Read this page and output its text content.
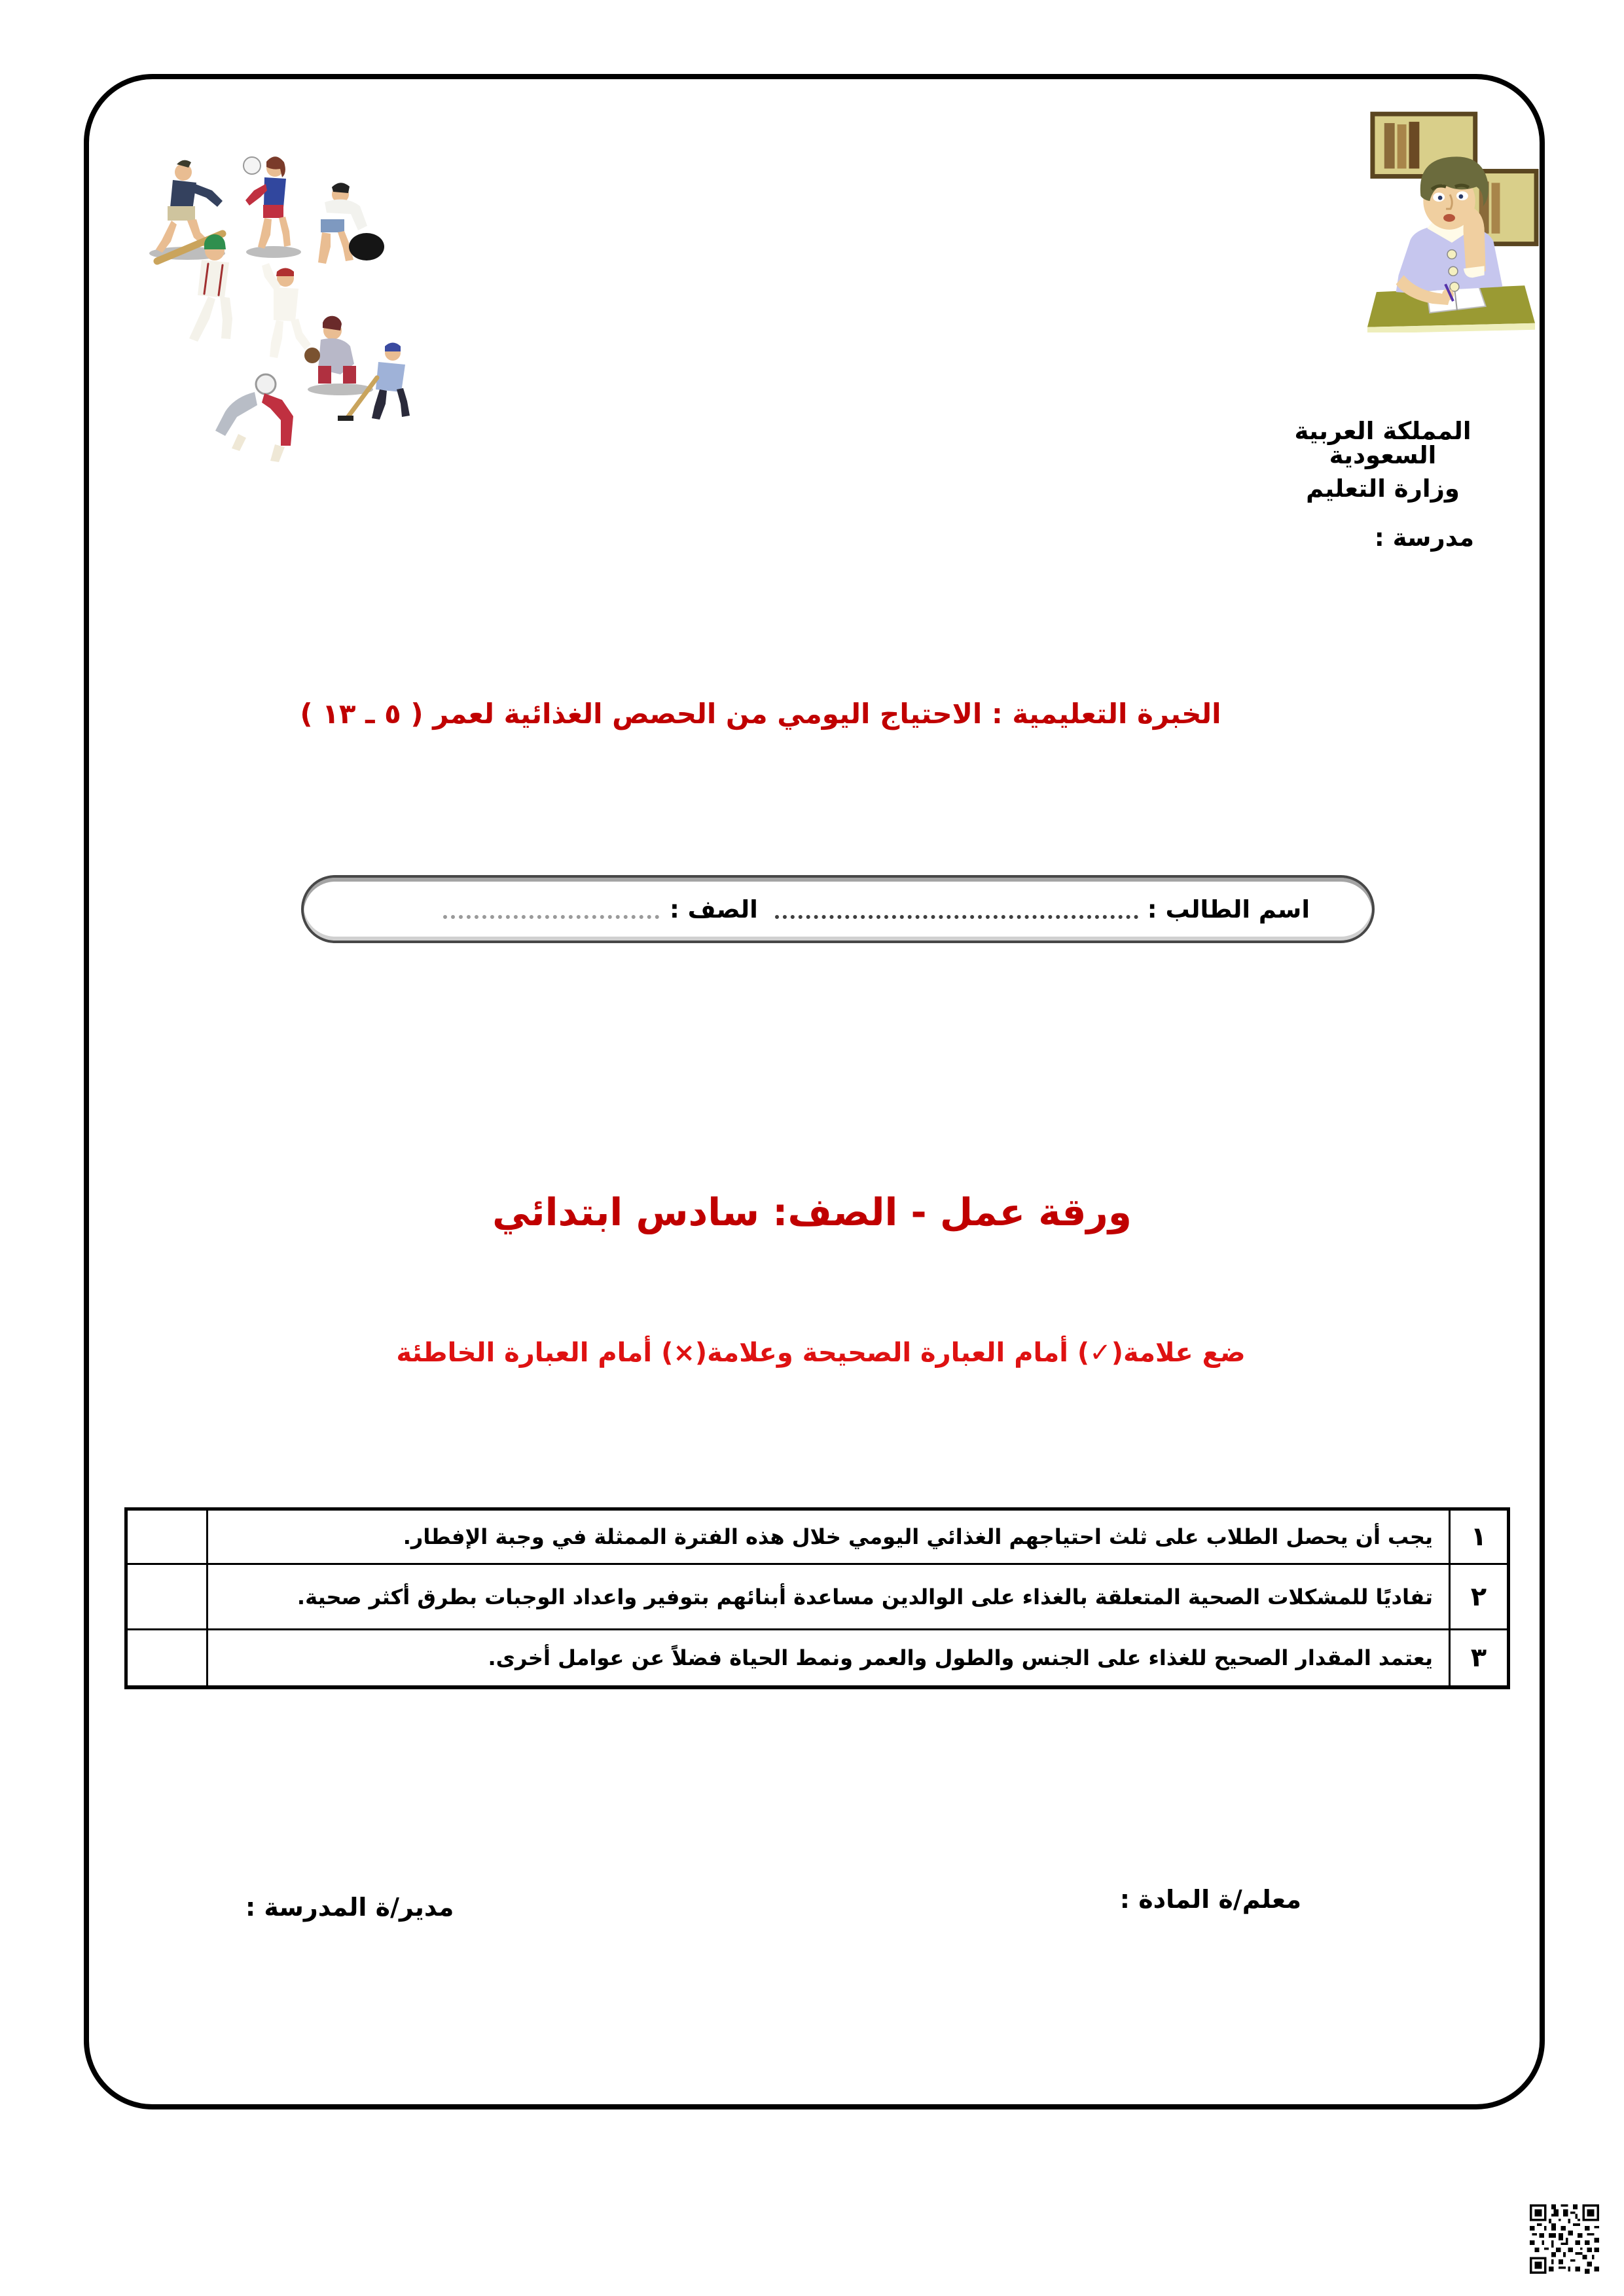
المملكة العربية السعودية
وزارة التعليم
مدرسة :
الخبرة التعليمية : الاحتياج اليومي من الحصص الغذائية لعمر ( ٥ ـ ١٣ )
اسم الطالب :
الصف :
ورقة عمل - الصف: سادس ابتدائي
ضع علامة(✓) أمام العبارة الصحيحة وعلامة(×) أمام العبارة الخاطئة
١	يجب أن يحصل الطلاب على ثلث احتياجهم الغذائي اليومي خلال هذه الفترة الممثلة في وجبة الإفطار.	
٢	تفاديًا للمشكلات الصحية المتعلقة بالغذاء على الوالدين مساعدة أبنائهم بتوفير واعداد الوجبات بطرق أكثر صحية.	
٣	يعتمد المقدار الصحيح للغذاء على الجنس والطول والعمر ونمط الحياة فضلاً عن عوامل أخرى.	
معلم/ة المادة :
مدير/ة المدرسة :
